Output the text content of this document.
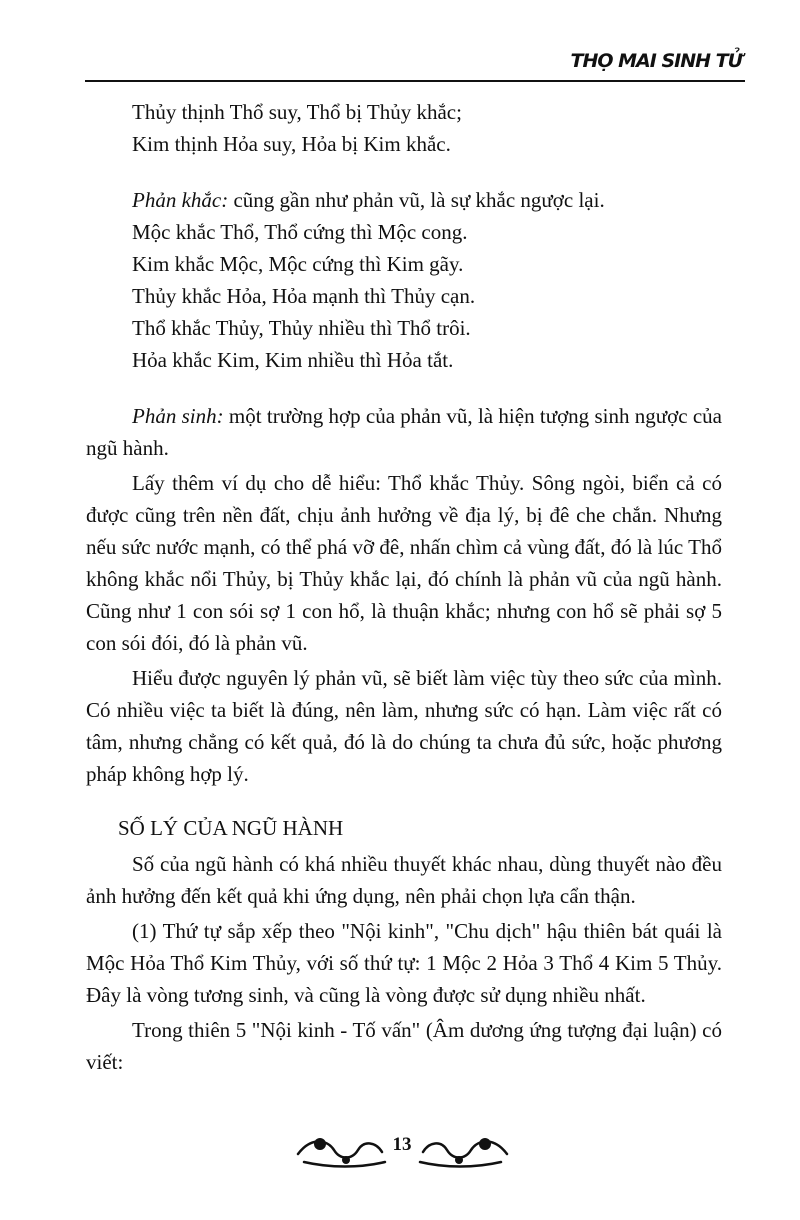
THỌ MAI SINH TỬ

Thủy thịnh Thổ suy, Thổ bị Thủy khắc;

Kim thịnh Hỏa suy, Hỏa bị Kim khắc.

Phản khắc: cũng gần như phản vũ, là sự khắc ngược lại.

Mộc khắc Thổ, Thổ cứng thì Mộc cong.

Kim khắc Mộc, Mộc cứng thì Kim gãy.

Thủy khắc Hỏa, Hỏa mạnh thì Thủy cạn.

Thổ khắc Thủy, Thủy nhiều thì Thổ trôi.

Hỏa khắc Kim, Kim nhiều thì Hỏa tắt.

Phản sinh: một trường hợp của phản vũ, là hiện tượng sinh ngược của ngũ hành.

Lấy thêm ví dụ cho dễ hiểu: Thổ khắc Thủy. Sông ngòi, biển cả có được cũng trên nền đất, chịu ảnh hưởng về địa lý, bị đê che chắn. Nhưng nếu sức nước mạnh, có thể phá vỡ đê, nhấn chìm cả vùng đất, đó là lúc Thổ không khắc nổi Thủy, bị Thủy khắc lại, đó chính là phản vũ của ngũ hành. Cũng như 1 con sói sợ 1 con hổ, là thuận khắc; nhưng con hổ sẽ phải sợ 5 con sói đói, đó là phản vũ.

Hiểu được nguyên lý phản vũ, sẽ biết làm việc tùy theo sức của mình. Có nhiều việc ta biết là đúng, nên làm, nhưng sức có hạn. Làm việc rất có tâm, nhưng chẳng có kết quả, đó là do chúng ta chưa đủ sức, hoặc phương pháp không hợp lý.

SỐ LÝ CỦA NGŨ HÀNH

Số của ngũ hành có khá nhiều thuyết khác nhau, dùng thuyết nào đều ảnh hưởng đến kết quả khi ứng dụng, nên phải chọn lựa cẩn thận.

(1) Thứ tự sắp xếp theo "Nội kinh", "Chu dịch" hậu thiên bát quái là Mộc Hỏa Thổ Kim Thủy, với số thứ tự: 1 Mộc 2 Hỏa 3 Thổ 4 Kim 5 Thủy. Đây là vòng tương sinh, và cũng là vòng được sử dụng nhiều nhất.

Trong thiên 5 "Nội kinh - Tố vấn" (Âm dương ứng tượng đại luận) có viết:

13
